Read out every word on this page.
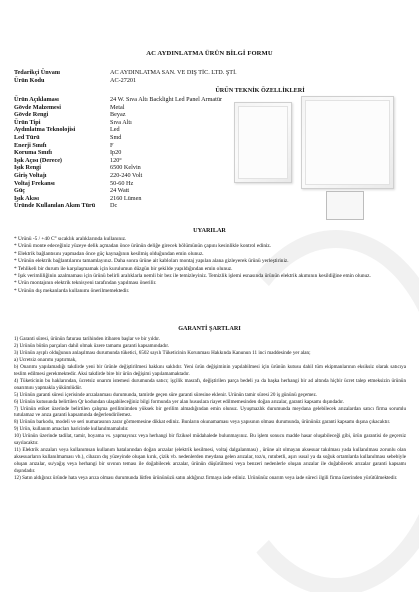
AC AYDINLATMA ÜRÜN BİLGİ FORMU
Tedarikçi Ünvanı	AC AYDINLATMA SAN. VE DIŞ TİC. LTD. ŞTİ.
Ürün Kodu	AC-27201
ÜRÜN TEKNİK ÖZELLİKLERİ
Ürün Açıklaması	24 W. Sıva Altı Backlight Led Panel Armatür
Gövde Malzemesi	Metal
Gövde Rengi	Beyaz
Ürün Tipi	Sıva Altı
Aydınlatma Teknolojisi	Led
Led Türü	Smd
Enerji Sınıfı	F
Koruma Sınıfı	Ip20
Işık Açısı (Derece)	120°
Işık Rengi	6500 Kelvin
Giriş Voltajı	220-240 Volt
Voltaj Frekansı	50-60 Hz
Güç	24 Watt
Işık Akısı	2160 Lümen
Üründe Kullanılan Akım Türü	Dc
UYARILAR
* Ürünü -5 / +40 C° sıcaklık aralıklarında kullanınız.
* Ürünü monte edeceğiniz yüzeye delik açmadan önce ürünün deliğe girecek bölümünün çapını kesinlikle kontrol ediniz.
* Elektrik bağlantısını yapmadan önce güç kaynağının kesilmiş olduğundan emin olunuz.
* Ürünün elektrik bağlantılarını tamamlayınız. Daha sonra ürüne ait kabloları montaj yapılan alana gizleyerek ürünü yerleştiriniz.
* Tehlikeli bir durum ile karşılaşmamak için kurulumun düzgün bir şekilde yapıldığından emin olunuz.
* Işık verimliliğinin azalmaması için ürünü belirli aralıklarla nemli bir bez ile temizleyiniz. Temizlik işlemi esnasında ürünün elektrik akımının kesildiğine emin olunuz.
* Ürün montajının elektrik teknisyeni tarafından yapılması önerilir.
* Ürünün dış mekanlarda kullanımı önerilmemektedir.
GARANTİ ŞARTLARI
1) Garanti süresi, ürünün faturası tarihinden itibaren başlar ve bir yıldır.
2) Ürünün bütün parçaları dahil olmak üzere tamamı garanti kapsamındadır.
3) Ürünün ayıplı olduğunun anlaşılması durumunda tüketici, 6502 sayılı Tüketicinin Korunması Hakkında Kanunun 11 inci maddesinde yer alan;
a) Ücretsiz onarımı yaptırmak,
b) Onarımı yapılamadığı takdirde yeni bir ürünle değiştirilmesi hakkını saklıdır. Yeni ürün değişiminin yapılabilmesi için ürünün kutusu dahil tüm ekipmanlarının eksiksiz olarak satıcıya teslim edilmesi gerekmektedir. Aksi takdirde bire bir ürün değişimi yapılamamaktadır.
4) Tüketicinin bu haklarından, ücretsiz onarım istemesi durumunda satıcı; işçilik masrafı, değiştirilen parça bedeli ya da başka herhangi bir ad altında hiçbir ücret talep etmeksizin ürünün onarımını yapmakla yükümlüdür.
5) Ürünün garanti süresi içerisinde arızalanması durumunda, tamirde geçen süre garanti süresine eklenir. Ürünün tamir süresi 20 iş gününü geçemez.
6) Ürünün kutusunda belirtilen Qr kodundan ulaşabileceğiniz bilgi formunda yer alan hususlara riayet edilmemesinden doğan arızalar, garanti kapsamı dışındadır.
7) Ürünün etiket üzerinde belirtilen çalışma gerilimimden yüksek bir gerilim almadığından emin olunuz. Uyuşmazlık durumunda meydana gelebilecek arızalardan satıcı firma sorumlu tutulamaz ve arıza garanti kapsamında değerlendirilemez.
8) Ürünün barkodu, modeli ve seri numarasının zarar görmemesine dikkat ediniz. Bunların okunamaması veya yapısının olması durumunda, ürününüz garanti kapsamı dışına çıkacaktır.
9) Ürün, kullanım amacları haricinde kullanılmamalıdır.
10) Ürünün üzerinde tadilat, tamir, boyama vs. yapmayınız veya herhangi bir fiziksel müdahalede bulunmayınız. Bu işlem sonucu madde hasar oluşabileceği gibi, ürün garantisi de geçersiz sayılacaktır.
11) Elektrik arızaları veya kullanımsan kullanım hatalarından doğan arızalar (elektrik kesilmesi, voltaj dalgalanması) , ürüne ait olmayan aksesuar takılması yada kullanılması zorunlu olan aksesuarların kullanılmaması vb.), cihazın dış yüzeyinde oluşan kırık, çizik vb. nedenlerden meydana gelen arızalar, toz/u, rutubetli, aşırı ısısal ya da soğuk ortamlarda kullanılması sebebiyle oluşan arızalar, su/yağış veya herhangi bir sıvının teması ile doğabilecek arızalar, ürünün düşürülmesi veya benzeri nedenlerle oluşan arızalar ile doğabilecek arızalar garanti kapsamı dışındadır.
12) Satın aldığınız üründe hata veya arıza olması durumunda lütfen ürününüzü satın aldığınız firmaya iade ediniz. Ürününüz onarım veya iade süreci ilgili firma üzerinden yürütülmektedir.
